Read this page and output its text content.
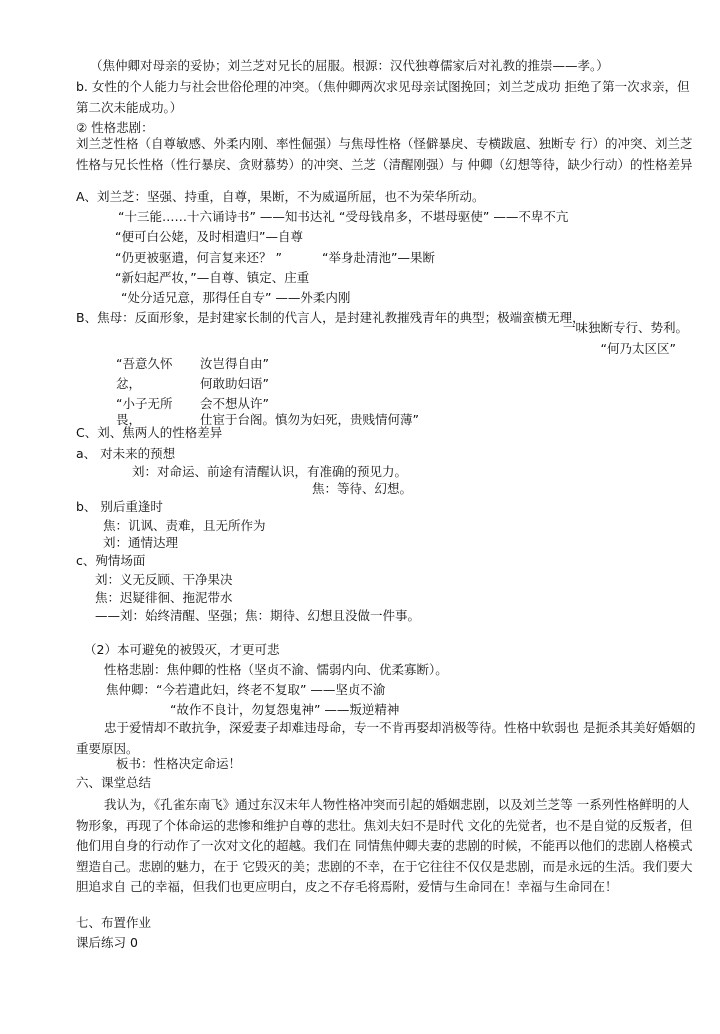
（焦仲卿对母亲的妥协；刘兰芝对兄长的屈服。根源：汉代独尊儒家后对礼教的推崇——孝。）
b. 女性的个人能力与社会世俗伦理的冲突。（焦仲卿两次求见母亲试图挽回；刘兰芝成功 拒绝了第一次求亲，但第二次未能成功。）
② 性格悲剧：
刘兰芝性格（自尊敏感、外柔内刚、率性倔强）与焦母性格（怪僻暴戾、专横跋扈、独断专 行）的冲突、刘兰芝性格与兄长性格（性行暴戾、贪财慕势）的冲突、兰芝（清醒刚强）与 仲卿（幻想等待，缺少行动）的性格差异
A、刘兰芝：坚强、持重，自尊，果断，不为威逼所屈，也不为荣华所动。
“十三能……十六诵诗书” ——知书达礼 “受母钱帛多，不堪母驱使” ——不卑不亢
“便可白公姥，及时相遣归”—自尊
“仍更被驱遣，何言复来还？ ”	“举身赴清池”—果断
“新妇起严妆，”—自尊、镇定、庄重
“处分适兄意，那得任自专” ——外柔内刚
B、焦母：反面形象，是封建家长制的代言人，是封建礼教摧残青年的典型；极端蛮横无理，
一味独断专行、势利。
“何乃太区区”
“吾意久怀 汝岂得自由”
忿，	何敢助妇语”
“小子无所 会不想从许”
畏，	仕宦于台阁。慎勿为妇死，贵贱情何薄”
C、刘、焦两人的性格差异
a、 对未来的预想
刘：对命运、前途有清醒认识，有准确的预见力。
焦：等待、幻想。
b、 别后重逢时
焦：讥讽、责难，且无所作为
刘：通情达理
c、殉情场面
刘：义无反顾、干净果决
焦：迟疑徘徊、拖泥带水
——刘：始终清醒、坚强；焦：期待、幻想且没做一件事。
（2）本可避免的被毁灭，才更可悲
性格悲剧：焦仲卿的性格（坚贞不渝、懦弱内向、优柔寡断）。
焦仲卿：“今若遣此妇，终老不复取” ——坚贞不渝
“故作不良计，勿复怨鬼神” ——叛逆精神
忠于爱情却不敢抗争，深爱妻子却难违母命，专一不肯再娶却消极等待。性格中软弱也 是扼杀其美好婚姻的重要原因。
板书：性格决定命运！
六、课堂总结
我认为，《孔雀东南飞》通过东汉末年人物性格冲突而引起的婚姻悲剧，以及刘兰芝等 一系列性格鲜明的人物形象，再现了个体命运的悲惨和维护自尊的悲壮。焦刘夫妇不是时代 文化的先觉者，也不是自觉的反叛者，但他们用自身的行动作了一次对文化的超越。我们在 同情焦仲卿夫妻的悲剧的时候，不能再以他们的悲剧人格模式塑造自己。悲剧的魅力，在于 它毁灭的美；悲剧的不幸，在于它往往不仅仅是悲剧，而是永远的生活。我们要大胆追求自 己的幸福，但我们也更应明白，皮之不存毛将焉附，爱情与生命同在！幸福与生命同在！
七、布置作业
课后练习 0
